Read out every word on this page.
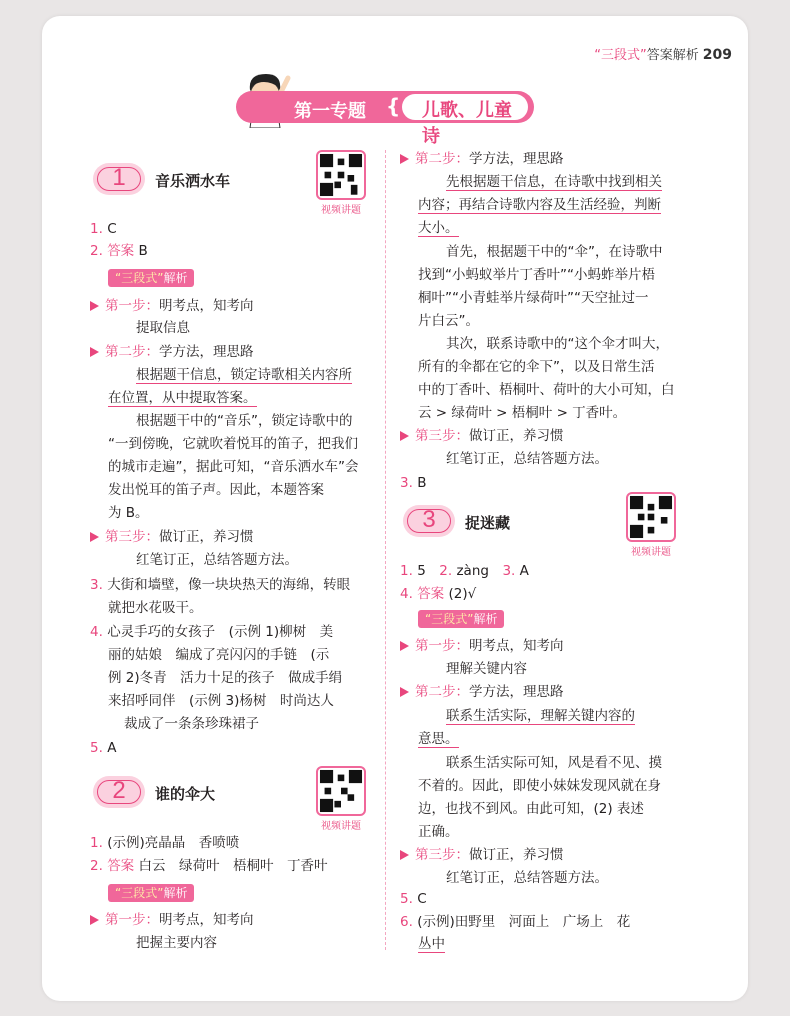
“三段式”答案解析 209
第一专题 { 儿歌、儿童诗
1	音乐洒水车
视频讲题
1. C
2. 答案 B
“三段式”解析
第一步：明考点，知考向
提取信息
第二步：学方法，理思路
根据题干信息，锁定诗歌相关内容所
在位置，从中提取答案。
根据题干中的“音乐”，锁定诗歌中的
“一到傍晚，它就吹着悦耳的笛子，把我们
的城市走遍”，据此可知，“音乐洒水车”会
发出悦耳的笛子声。因此，本题答案
为 B。
第三步：做订正，养习惯
红笔订正，总结答题方法。
3. 大街和墙壁，像一块块热天的海绵，转眼
就把水花吸干。
4. 心灵手巧的女孩子　(示例 1)柳树　美
丽的姑娘　编成了亮闪闪的手链　(示
例 2)冬青　活力十足的孩子　做成手绢
来招呼同伴　(示例 3)杨树　时尚达人
裁成了一条条珍珠裙子
5. A
2	谁的伞大
视频讲题
1. (示例)亮晶晶　香喷喷
2. 答案 白云　绿荷叶　梧桐叶　丁香叶
“三段式”解析
第一步：明考点，知考向
把握主要内容
第二步：学方法，理思路
先根据题干信息，在诗歌中找到相关
内容；再结合诗歌内容及生活经验，判断
大小。
首先，根据题干中的“伞”，在诗歌中
找到“小蚂蚁举片丁香叶”“小蚂蚱举片梧
桐叶”“小青蛙举片绿荷叶”“天空扯过一
片白云”。
其次，联系诗歌中的“这个伞才叫大，
所有的伞都在它的伞下”，以及日常生活
中的丁香叶、梧桐叶、荷叶的大小可知，白
云 > 绿荷叶 > 梧桐叶 > 丁香叶。
第三步：做订正，养习惯
红笔订正，总结答题方法。
3. B
3	捉迷藏
视频讲题
1. 5　 2. zàng　 3. A
4. 答案 (2)√
“三段式”解析
第一步：明考点，知考向
理解关键内容
第二步：学方法，理思路
联系生活实际，理解关键内容的
意思。
联系生活实际可知，风是看不见、摸
不着的。因此，即使小妹妹发现风就在身
边，也找不到风。由此可知，(2) 表述
正确。
第三步：做订正，养习惯
红笔订正，总结答题方法。
5. C
6. (示例)田野里　河面上　广场上　花
丛中
